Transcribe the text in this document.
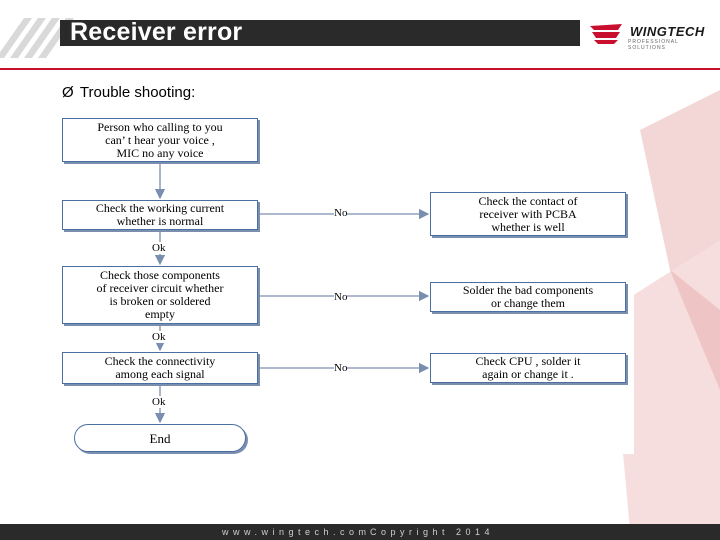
Receiver error	WINGTECH
PROFESSIONAL SOLUTIONS
Ø Trouble shooting:
Person who calling to you
can’ t hear your voice ,
MIC no any voice
Check the working current
whether is normal
Check those components
of receiver circuit whether
is broken or soldered
empty
Check the connectivity
among each signal
End
Check the contact of
receiver with PCBA
whether is well
Solder the bad components
or change them
Check CPU , solder it
again or change it .
No
No
No
Ok
Ok
Ok
www.wingtech.com Copyright 2014
